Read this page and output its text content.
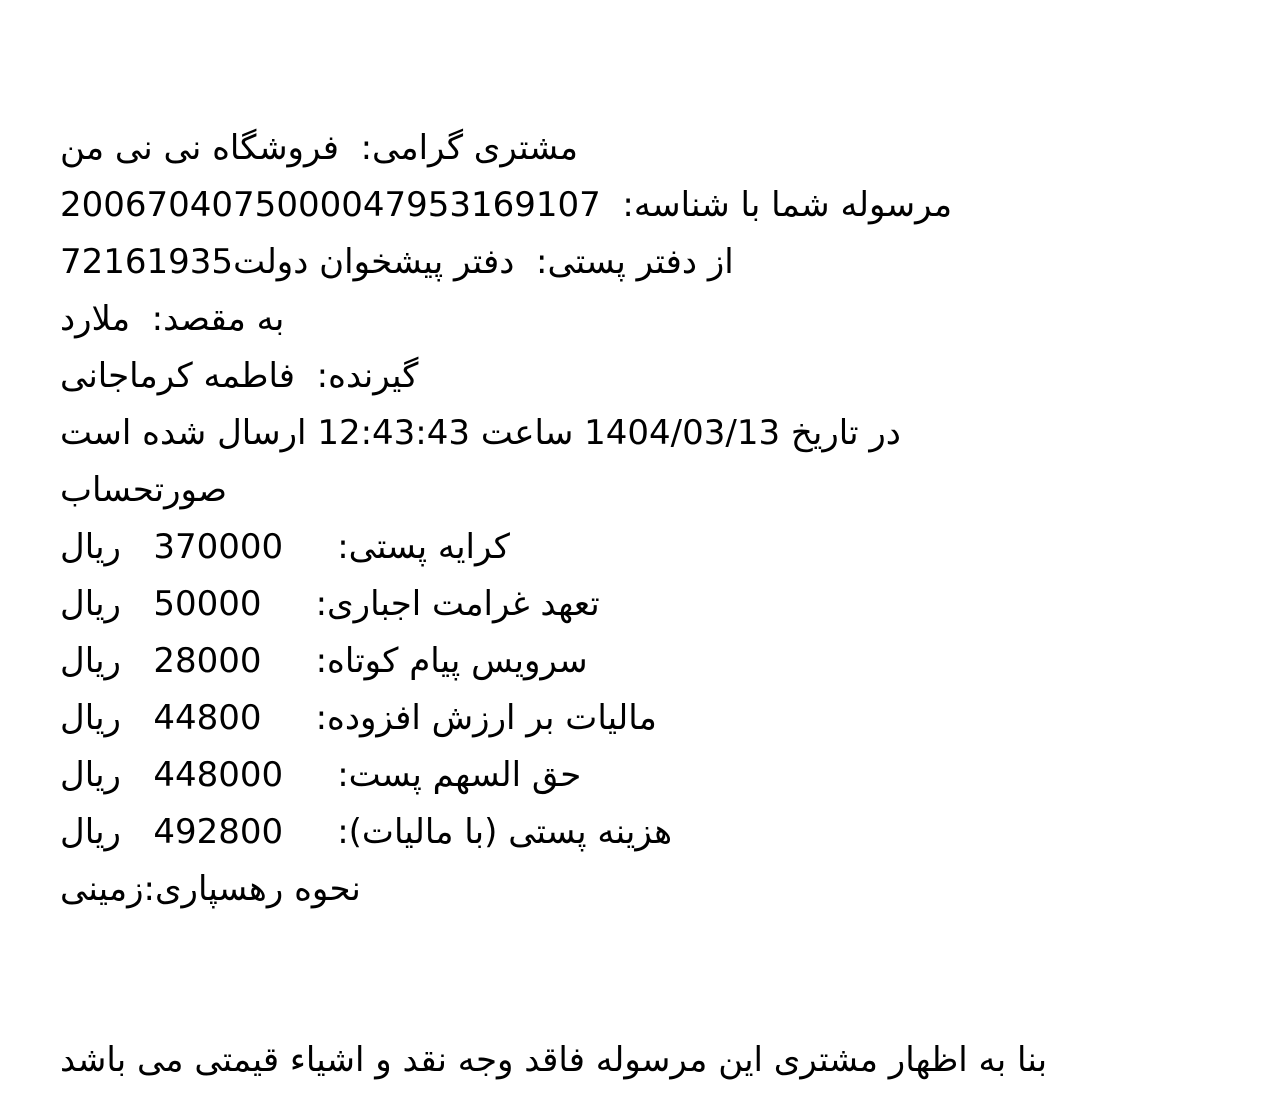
مشتری گرامی:  فروشگاه نی نی من
مرسوله شما با شناسه:  2006704075000047953169107
از دفتر پستی:  دفتر پیشخوان دولت72161935
به مقصد:  ملارد
گیرنده:  فاطمه کرماجانی
در تاریخ 1404/03/13 ساعت 12:43:43 ارسال شده است
صورتحساب
کرایه پستی:     370000   ریال
تعهد غرامت اجباری:     50000   ریال
سرویس پیام کوتاه:     28000   ریال
مالیات بر ارزش افزوده:     44800   ریال
حق السهم پست:     448000   ریال
هزینه پستی (با مالیات):     492800   ریال
نحوه رهسپاری:زمینی
بنا به اظهار مشتری این مرسوله فاقد وجه نقد و اشیاء قیمتی می باشد
